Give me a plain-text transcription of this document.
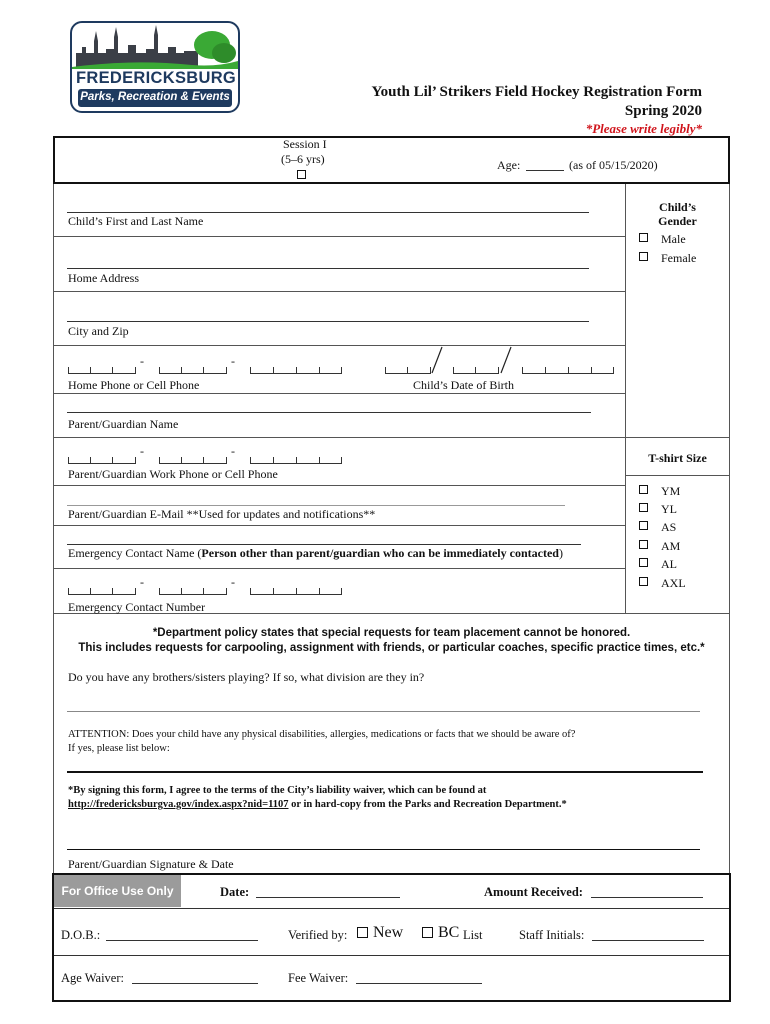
FREDERICKSBURG
Parks, Recreation & Events	Youth Lil’ Strikers Field Hockey Registration Form
Spring 2020
*Please write legibly*
Session I
(5–6 yrs)	Age:	(as of 05/15/2020)
Child’s First and Last Name
Home Address
City and Zip
-	-
Home Phone or Cell Phone	Child’s Date of Birth
Parent/Guardian Name
-	-
Parent/Guardian Work Phone or Cell Phone
Parent/Guardian E-Mail **Used for updates and notifications**
Emergency Contact Name (Person other than parent/guardian who can be immediately contacted)
-	-
Emergency Contact Number
Child’s
Gender
Male
Female
T-shirt Size
YM
YL
AS
AM
AL
AXL
*Department policy states that special requests for team placement cannot be honored.
This includes requests for carpooling, assignment with friends, or particular coaches, specific practice times, etc.*
Do you have any brothers/sisters playing? If so, what division are they in?
ATTENTION: Does your child have any physical disabilities, allergies, medications or facts that we should be aware of?
If yes, please list below:
*By signing this form, I agree to the terms of the City’s liability waiver, which can be found at
http://fredericksburgva.gov/index.aspx?nid=1107 or in hard-copy from the Parks and Recreation Department.*
Parent/Guardian Signature & Date
For Office Use Only	Date:	Amount Received:
D.O.B.:	Verified by: New BC List	Staff Initials:
Age Waiver:	Fee Waiver:
